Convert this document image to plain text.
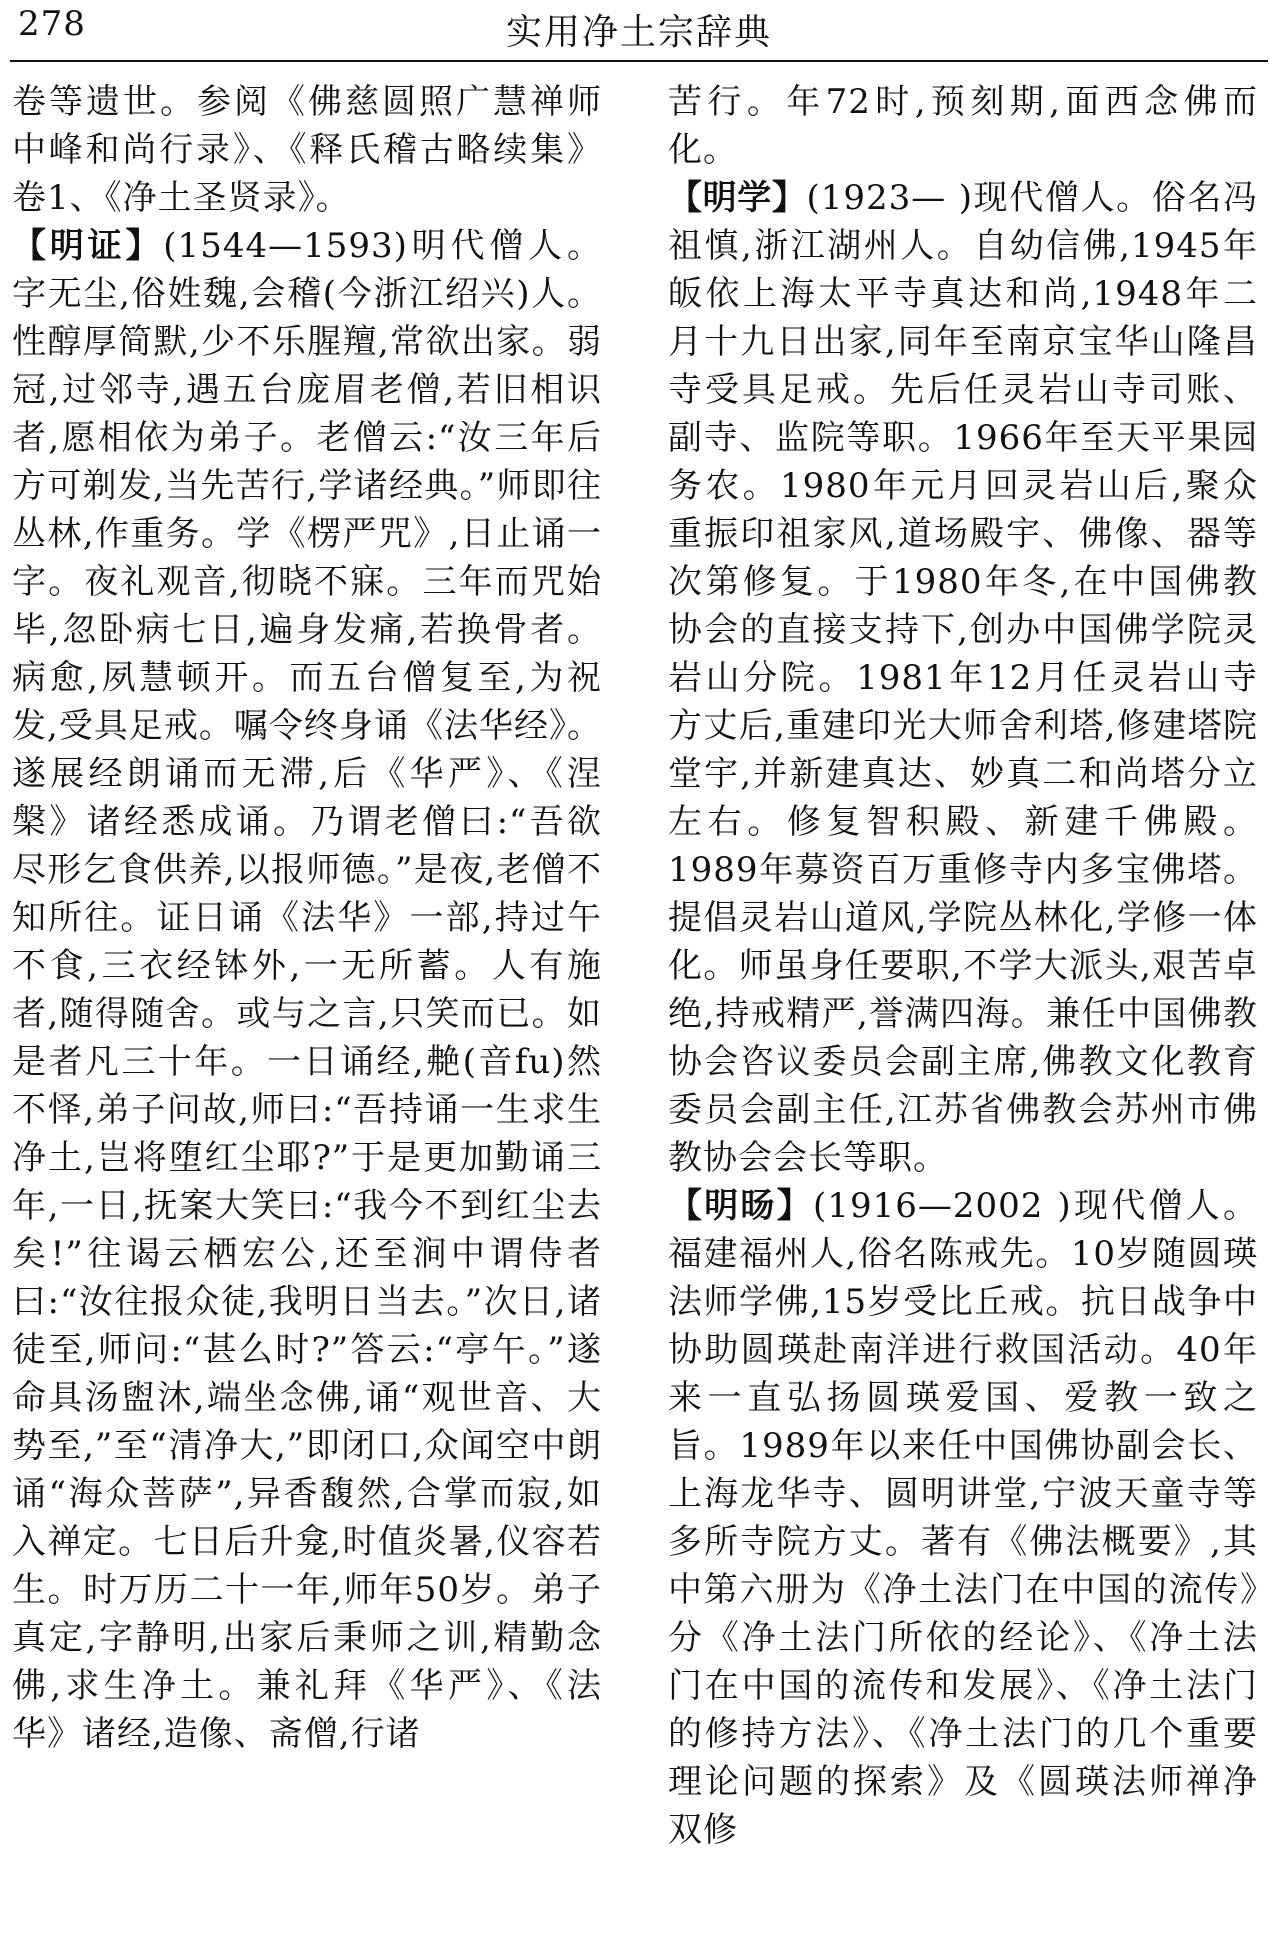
278	实用净土宗辞典

卷等遗世。参阅《佛慈圆照广慧禅师中峰和尚行录》、《释氏稽古略续集》卷1、《净土圣贤录》。

【明证】(1544—1593)明代僧人。字无尘,俗姓魏,会稽(今浙江绍兴)人。性醇厚简默,少不乐腥羶,常欲出家。弱冠,过邻寺,遇五台庞眉老僧,若旧相识者,愿相依为弟子。老僧云:“汝三年后方可剃发,当先苦行,学诸经典。”师即往丛林,作重务。学《楞严咒》,日止诵一字。夜礼观音,彻晓不寐。三年而咒始毕,忽卧病七日,遍身发痛,若换骨者。病愈,夙慧顿开。而五台僧复至,为祝发,受具足戒。嘱令终身诵《法华经》。遂展经朗诵而无滞,后《华严》、《涅槃》诸经悉成诵。乃谓老僧曰:“吾欲尽形乞食供养,以报师德。”是夜,老僧不知所往。证日诵《法华》一部,持过午不食,三衣经钵外,一无所蓄。人有施者,随得随舍。或与之言,只笑而已。如是者凡三十年。一日诵经,艴(音fu)然不怿,弟子问故,师曰:“吾持诵一生求生净土,岂将堕红尘耶?”于是更加勤诵三年,一日,抚案大笑曰:“我今不到红尘去矣!”往谒云栖宏公,还至涧中谓侍者曰:“汝往报众徒,我明日当去。”次日,诸徒至,师问:“甚么时?”答云:“亭午。”遂命具汤盥沐,端坐念佛,诵“观世音、大势至,”至“清净大,”即闭口,众闻空中朗诵“海众菩萨”,异香馥然,合掌而寂,如入禅定。七日后升龛,时值炎暑,仪容若生。时万历二十一年,师年50岁。弟子真定,字静明,出家后秉师之训,精勤念佛,求生净土。兼礼拜《华严》、《法华》诸经,造像、斋僧,行诸

苦行。年72时,预刻期,面西念佛而化。

【明学】(1923— )现代僧人。俗名冯祖慎,浙江湖州人。自幼信佛,1945年皈依上海太平寺真达和尚,1948年二月十九日出家,同年至南京宝华山隆昌寺受具足戒。先后任灵岩山寺司账、副寺、监院等职。1966年至天平果园务农。1980年元月回灵岩山后,聚众重振印祖家风,道场殿宇、佛像、器等次第修复。于1980年冬,在中国佛教协会的直接支持下,创办中国佛学院灵岩山分院。1981年12月任灵岩山寺方丈后,重建印光大师舍利塔,修建塔院堂宇,并新建真达、妙真二和尚塔分立左右。修复智积殿、新建千佛殿。1989年募资百万重修寺内多宝佛塔。提倡灵岩山道风,学院丛林化,学修一体化。师虽身任要职,不学大派头,艰苦卓绝,持戒精严,誉满四海。兼任中国佛教协会咨议委员会副主席,佛教文化教育委员会副主任,江苏省佛教会苏州市佛教协会会长等职。

【明旸】(1916—2002 )现代僧人。福建福州人,俗名陈戒先。10岁随圆瑛法师学佛,15岁受比丘戒。抗日战争中协助圆瑛赴南洋进行救国活动。40年来一直弘扬圆瑛爱国、爱教一致之旨。1989年以来任中国佛协副会长、上海龙华寺、圆明讲堂,宁波天童寺等多所寺院方丈。著有《佛法概要》,其中第六册为《净土法门在中国的流传》分《净土法门所依的经论》、《净土法门在中国的流传和发展》、《净土法门的修持方法》、《净土法门的几个重要理论问题的探索》及《圆瑛法师禅净双修
